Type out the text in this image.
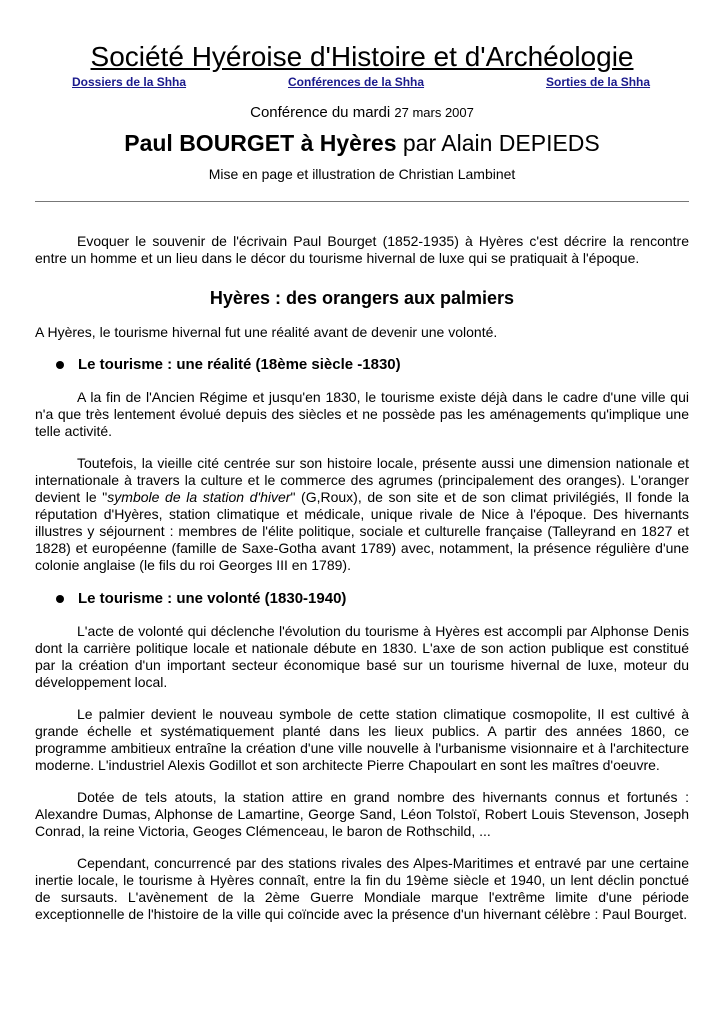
Société Hyéroise d'Histoire et d'Archéologie
Dossiers de la Shha	Conférences de la Shha	Sorties de la Shha
Conférence du mardi 27 mars 2007
Paul BOURGET à Hyères par Alain DEPIEDS
Mise en page et illustration de Christian Lambinet

Evoquer le souvenir de l'écrivain Paul Bourget (1852-1935) à Hyères c'est décrire la rencontre entre un homme et un lieu dans le décor du tourisme hivernal de luxe qui se pratiquait à l'époque.

Hyères : des orangers aux palmiers

A Hyères, le tourisme hivernal fut une réalité avant de devenir une volonté.

Le tourisme : une réalité (18ème siècle -1830)

A la fin de l'Ancien Régime et jusqu'en 1830, le tourisme existe déjà dans le cadre d'une ville qui n'a que très lentement évolué depuis des siècles et ne possède pas les aménagements qu'implique une telle activité.

Toutefois, la vieille cité centrée sur son histoire locale, présente aussi une dimension nationale et internationale à travers la culture et le commerce des agrumes (principalement des oranges). L'oranger devient le "symbole de la station d'hiver" (G,Roux), de son site et de son climat privilégiés, Il fonde la réputation d'Hyères, station climatique et médicale, unique rivale de Nice à l'époque. Des hivernants illustres y séjournent : membres de l'élite politique, sociale et culturelle française (Talleyrand en 1827 et 1828) et européenne (famille de Saxe-Gotha avant 1789) avec, notamment, la présence régulière d'une colonie anglaise (le fils du roi Georges III en 1789).

Le tourisme : une volonté (1830-1940)

L'acte de volonté qui déclenche l'évolution du tourisme à Hyères est accompli par Alphonse Denis dont la carrière politique locale et nationale débute en 1830. L'axe de son action publique est constitué par la création d'un important secteur économique basé sur un tourisme hivernal de luxe, moteur du développement local.

Le palmier devient le nouveau symbole de cette station climatique cosmopolite, Il est cultivé à grande échelle et systématiquement planté dans les lieux publics. A partir des années 1860, ce programme ambitieux entraîne la création d'une ville nouvelle à l'urbanisme visionnaire et à l'architecture moderne. L'industriel Alexis Godillot et son architecte Pierre Chapoulart en sont les maîtres d'oeuvre.

Dotée de tels atouts, la station attire en grand nombre des hivernants connus et fortunés : Alexandre Dumas, Alphonse de Lamartine, George Sand, Léon Tolstoï, Robert Louis Stevenson, Joseph Conrad, la reine Victoria, Geoges Clémenceau, le baron de Rothschild, ...

Cependant, concurrencé par des stations rivales des Alpes-Maritimes et entravé par une certaine inertie locale, le tourisme à Hyères connaît, entre la fin du 19ème siècle et 1940, un lent déclin ponctué de sursauts. L'avènement de la 2ème Guerre Mondiale marque l'extrême limite d'une période exceptionnelle de l'histoire de la ville qui coïncide avec la présence d'un hivernant célèbre : Paul Bourget.
